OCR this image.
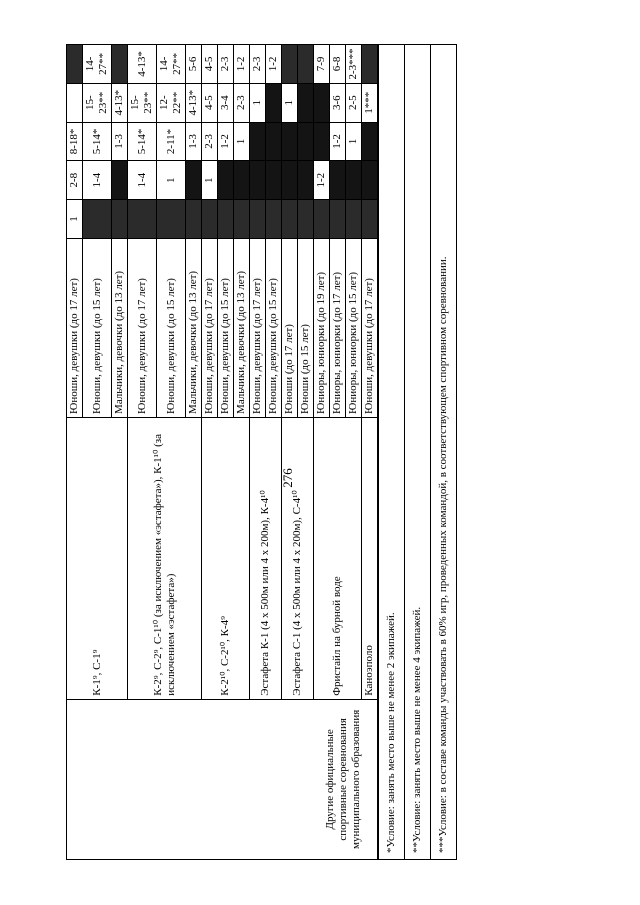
276
Другие официальные спортивные соревнования муниципального образования	К-1⁹, С-1⁹	Юноши, девушки (до 17 лет)	1	2-8	8-18*		
		Юноши, девушки (до 15 лет)		1-4	5-14*	15-23**	14-27**
		Мальчики, девочки (до 13 лет)			1-3	4-13*	
	К-2⁹, С-2⁹, С-1¹⁰ (за исключением «эстафета»), К-1¹⁰ (за исключением «эстафета»)	Юноши, девушки (до 17 лет)		1-4	5-14*	15-23**	4-13*
		Юноши, девушки (до 15 лет)		1	2-11*	12-22**	14-27**
		Мальчики, девочки (до 13 лет)			1-3	4-13*	5-6
	К-2¹⁰, С-2¹⁰, К-4⁹	Юноши, девушки (до 17 лет)		1	2-3	4-5	4-5
		Юноши, девушки (до 15 лет)			1-2	3-4	2-3
		Мальчики, девочки (до 13 лет)			1	2-3	1-2
	Эстафета К-1 (4 х 500м или 4 х 200м), К-4¹⁰	Юноши, девушки (до 17 лет)				1	2-3
		Юноши, девушки (до 15 лет)					1-2
	Эстафета С-1 (4 х 500м или 4 х 200м), С-4¹⁰	Юноши (до 17 лет)				1	
		Юноши (до 15 лет)					
	Фристайл на бурной воде	Юниоры, юниорки (до 19 лет)		1-2			7-9
		Юниоры, юниорки (до 17 лет)			1-2	3-6	6-8
		Юниоры, юниорки (до 15 лет)			1	2-5	2-3***
	Каноэполо	Юноши, девушки (до 17 лет)				1***	
*Условие: занять место выше не менее 2 экипажей.
**Условие: занять место выше не менее 4 экипажей.
***Условие: в составе команды участвовать в 60% игр, проведенных командой, в соответствующем спортивном соревновании.
